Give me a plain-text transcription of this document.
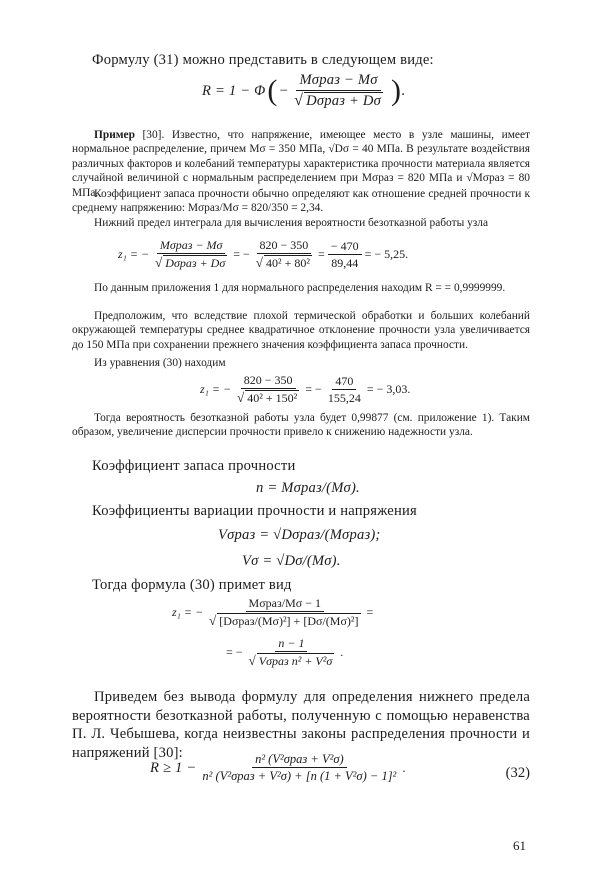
Формулу (31) можно представить в следующем виде:

R = 1 − Φ ( − $\frac{\text{Mσраз − Mσ}}{\text{√ Dσраз + Dσ}}$ ) .

Пример [30]. Известно, что напряжение, имеющее место в узле машины, имеет нормальное распределение, причем Mσ = 350 МПа, √Dσ = 40 МПа. В результате воздействия различных факторов и колебаний температуры характеристика прочности материала является случайной величиной с нормальным распределением при Mσраз = 820 МПа и √Mσраз = 80 МПа.

Коэффициент запаса прочности обычно определяют как отношение средней прочности к среднему напряжению: Mσраз/Mσ = 820/350 = 2,34.

Нижний предел интеграла для вычисления вероятности безотказной работы узла

z₁ = − $\frac{\text{Mσраз − Mσ}}{\text{√ Dσраз + Dσ}}$ = − $\frac{820 - 350}{\text{√ 40² + 80²}} = \frac{- 470}{89,44}$ = − 5,25.

По данным приложения 1 для нормального распределения находим R = = 0,9999999.

Предположим, что вследствие плохой термической обработки и больших колебаний окружающей температуры среднее квадратичное отклонение прочности узла увеличивается до 150 МПа при сохранении прежнего значения коэффициента запаса прочности.

Из уравнения (30) находим

z₁ = − $\frac{820 - 350}{\text{√ 40² + 150²}}$ = − $\frac{470}{155,24}$ = − 3,03.

Тогда вероятность безотказной работы узла будет 0,99877 (см. приложение 1). Таким образом, увеличение дисперсии прочности привело к снижению надежности узла.

Коэффициент запаса прочности

n = Mσраз/(Mσ).

Коэффициенты вариации прочности и напряжения

Vσраз = √Dσраз/(Mσраз);

Vσ = √Dσ/(Mσ).

Тогда формула (30) примет вид

z₁ = − $\frac{\text{Mσраз/Mσ − 1}}{\text{√ [Dσраз/(Mσ)²] + [Dσ/(Mσ)²]}}$ =
= − $\frac{n - 1}{\text{√ Vσраз n² + V²σ}}$ .

Приведем без вывода формулу для определения нижнего предела вероятности безотказной работы, полученную с помощью неравенства П. Л. Чебышева, когда неизвестны законы распределения прочности и напряжений [30]:

$R \ge 1 - \frac{\text{n² (V²σраз + V²σ)}}{\text{n² (V²σраз + V²σ) + [n (1 + V²σ) − 1]²}}$ .	(32)
61
